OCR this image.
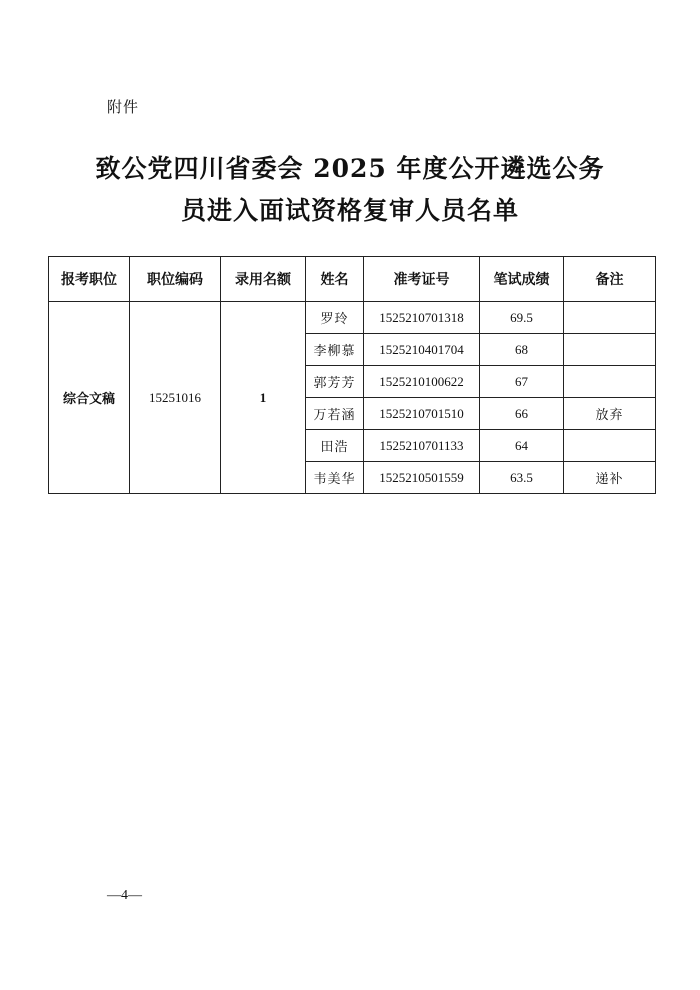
附件
致公党四川省委会 2025 年度公开遴选公务
员进入面试资格复审人员名单
报考职位	职位编码	录用名额	姓名	准考证号	笔试成绩	备注
综合文稿	15251016	1	罗玲	1525210701318	69.5	
			李柳慕	1525210401704	68	
			郭芳芳	1525210100622	67	
			万若涵	1525210701510	66	放弃
			田浩	1525210701133	64	
			韦美华	1525210501559	63.5	递补
—4—
